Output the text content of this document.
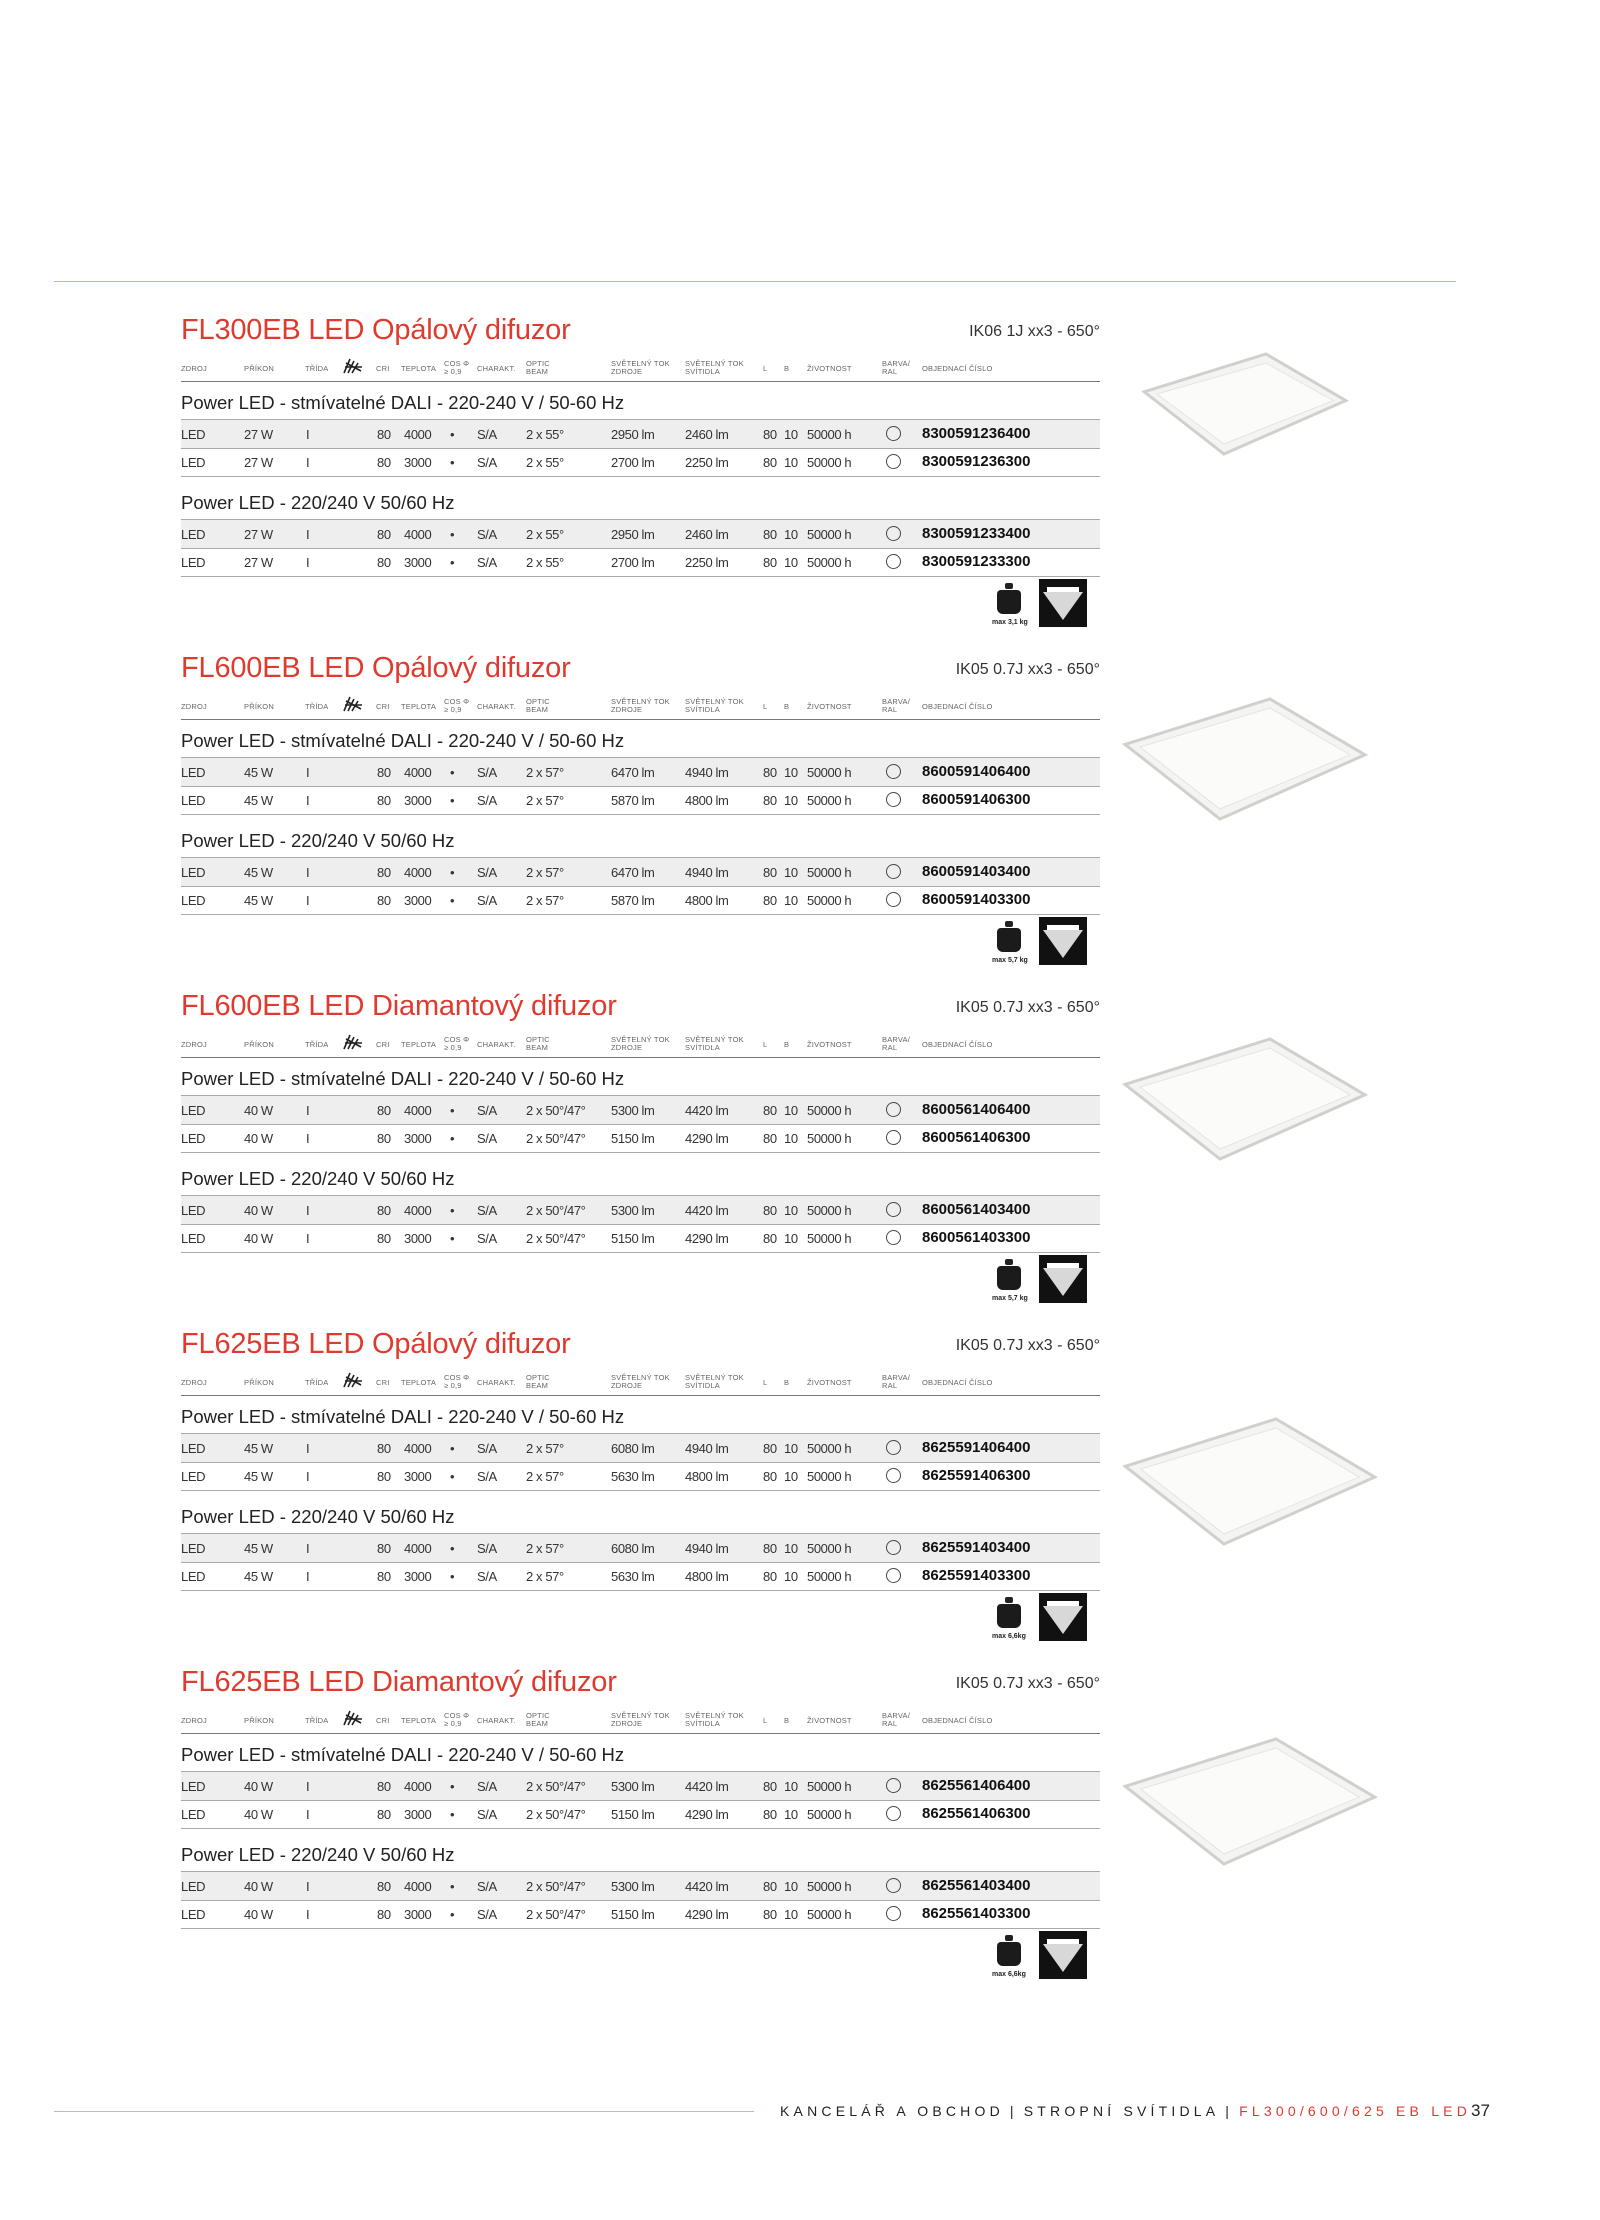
FL300EB LED Opálový difuzor	IK06 1J xx3 - 650°
ZDROJ	PŘÍKON	TŘÍDA	CRI TEPLOTA
COS Φ
≥ 0,9	CHARAKT.
OPTIC
BEAM
SVĚTELNÝ TOK
ZDROJE
SVĚTELNÝ TOK
SVÍTIDLA	L B ŽIVOTNOST
BARVA/
RAL	OBJEDNACÍ ČÍSLO
Power LED - stmívatelné DALI - 220-240 V / 50-60 Hz
LED	27 W	I	80 4000 • S/A 2 x 55°	2950 lm 2460 lm	80 10 50000 h	8300591236400
LED	27 W	I	80 3000 • S/A 2 x 55°	2700 lm 2250 lm	80 10 50000 h	8300591236300
Power LED - 220/240 V 50/60 Hz
LED	27 W	I	80 4000 • S/A 2 x 55°	2950 lm 2460 lm	80 10 50000 h	8300591233400
LED	27 W	I	80 3000 • S/A 2 x 55°	2700 lm 2250 lm	80 10 50000 h	8300591233300
max 3,1 kg
FL600EB LED Opálový difuzor	IK05 0.7J xx3 - 650°
ZDROJ	PŘÍKON	TŘÍDA	CRI TEPLOTA
COS Φ
≥ 0,9	CHARAKT.
OPTIC
BEAM
SVĚTELNÝ TOK
ZDROJE
SVĚTELNÝ TOK
SVÍTIDLA	L B ŽIVOTNOST
BARVA/
RAL	OBJEDNACÍ ČÍSLO
Power LED - stmívatelné DALI - 220-240 V / 50-60 Hz
LED	45 W	I	80 4000 • S/A 2 x 57°	6470 lm 4940 lm	80 10 50000 h	8600591406400
LED	45 W	I	80 3000 • S/A 2 x 57°	5870 lm 4800 lm	80 10 50000 h	8600591406300
Power LED - 220/240 V 50/60 Hz
LED	45 W	I	80 4000 • S/A 2 x 57°	6470 lm 4940 lm	80 10 50000 h	8600591403400
LED	45 W	I	80 3000 • S/A 2 x 57°	5870 lm 4800 lm	80 10 50000 h	8600591403300
max 5,7 kg
FL600EB LED Diamantový difuzor	IK05 0.7J xx3 - 650°
ZDROJ	PŘÍKON	TŘÍDA	CRI TEPLOTA
COS Φ
≥ 0,9	CHARAKT.
OPTIC
BEAM
SVĚTELNÝ TOK
ZDROJE
SVĚTELNÝ TOK
SVÍTIDLA	L B ŽIVOTNOST
BARVA/
RAL	OBJEDNACÍ ČÍSLO
Power LED - stmívatelné DALI - 220-240 V / 50-60 Hz
LED	40 W	I	80 4000 • S/A 2 x 50°/47° 5300 lm 4420 lm	80 10 50000 h	8600561406400
LED	40 W	I	80 3000 • S/A 2 x 50°/47° 5150 lm 4290 lm	80 10 50000 h	8600561406300
Power LED - 220/240 V 50/60 Hz
LED	40 W	I	80 4000 • S/A 2 x 50°/47° 5300 lm 4420 lm	80 10 50000 h	8600561403400
LED	40 W	I	80 3000 • S/A 2 x 50°/47° 5150 lm 4290 lm	80 10 50000 h	8600561403300
max 5,7 kg
FL625EB LED Opálový difuzor	IK05 0.7J xx3 - 650°
ZDROJ	PŘÍKON	TŘÍDA	CRI TEPLOTA
COS Φ
≥ 0,9	CHARAKT.
OPTIC
BEAM
SVĚTELNÝ TOK
ZDROJE
SVĚTELNÝ TOK
SVÍTIDLA	L B ŽIVOTNOST
BARVA/
RAL	OBJEDNACÍ ČÍSLO
Power LED - stmívatelné DALI - 220-240 V / 50-60 Hz
LED	45 W	I	80 4000 • S/A 2 x 57°	6080 lm 4940 lm	80 10 50000 h	8625591406400
LED	45 W	I	80 3000 • S/A 2 x 57°	5630 lm 4800 lm	80 10 50000 h	8625591406300
Power LED - 220/240 V 50/60 Hz
LED	45 W	I	80 4000 • S/A 2 x 57°	6080 lm 4940 lm	80 10 50000 h	8625591403400
LED	45 W	I	80 3000 • S/A 2 x 57°	5630 lm 4800 lm	80 10 50000 h	8625591403300
max 6,6kg
FL625EB LED Diamantový difuzor	IK05 0.7J xx3 - 650°
ZDROJ	PŘÍKON	TŘÍDA	CRI TEPLOTA
COS Φ
≥ 0,9	CHARAKT.
OPTIC
BEAM
SVĚTELNÝ TOK
ZDROJE
SVĚTELNÝ TOK
SVÍTIDLA	L B ŽIVOTNOST
BARVA/
RAL	OBJEDNACÍ ČÍSLO
Power LED - stmívatelné DALI - 220-240 V / 50-60 Hz
LED	40 W	I	80 4000 • S/A 2 x 50°/47° 5300 lm 4420 lm	80 10 50000 h	8625561406400
LED	40 W	I	80 3000 • S/A 2 x 50°/47° 5150 lm 4290 lm	80 10 50000 h	8625561406300
Power LED - 220/240 V 50/60 Hz
LED	40 W	I	80 4000 • S/A 2 x 50°/47° 5300 lm 4420 lm	80 10 50000 h	8625561403400
LED	40 W	I	80 3000 • S/A 2 x 50°/47° 5150 lm 4290 lm	80 10 50000 h	8625561403300
max 6,6kg
KANCELÁŘ A OBCHOD | STROPNÍ SVÍTIDLA | FL300/600/625 EB LED 37
